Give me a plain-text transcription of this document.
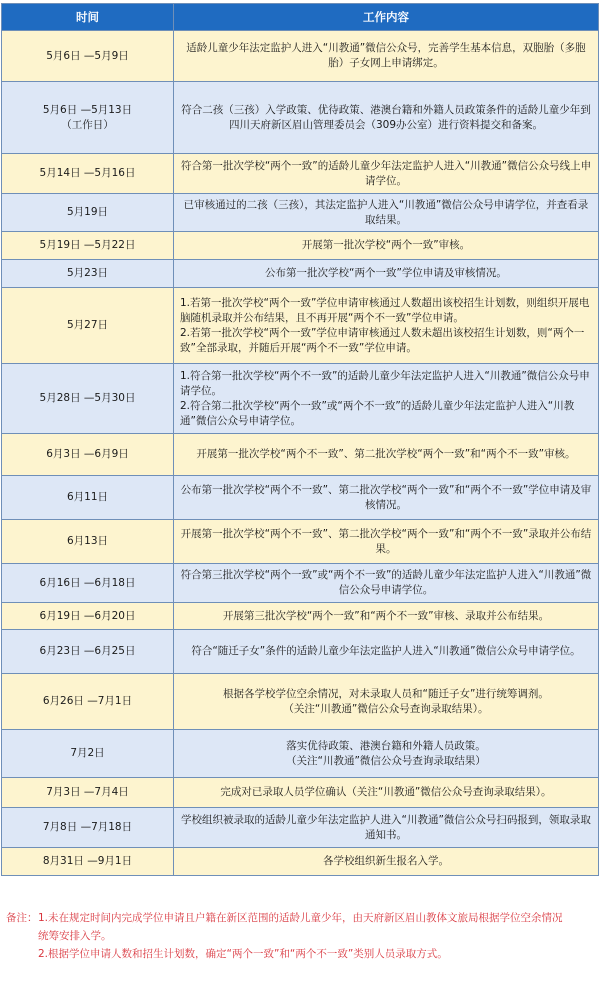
时间	工作内容
5月6日 —5月9日	适龄儿童少年法定监护人进入“川教通”微信公众号，完善学生基本信息，双胞胎（多胞胎）子女网上申请绑定。

5月6日 —5月13日
（工作日）	符合二孩（三孩）入学政策、优待政策、港澳台籍和外籍人员政策条件的适龄儿童少年到四川天府新区眉山管理委员会（309办公室）进行资料提交和备案。
5月14日 —5月16日	符合第一批次学校“两个一致”的适龄儿童少年法定监护人进入“川教通”微信公众号线上申请学位。
5月19日	已审核通过的二孩（三孩），其法定监护人进入“川教通”微信公众号申请学位，并查看录取结果。
5月19日 —5月22日	开展第一批次学校“两个一致”审核。
5月23日	公布第一批次学校“两个一致”学位申请及审核情况。
5月27日	1.若第一批次学校“两个一致”学位申请审核通过人数超出该校招生计划数，则组织开展电脑随机录取并公布结果，且不再开展“两个不一致”学位申请。
2.若第一批次学校“两个一致”学位申请审核通过人数未超出该校招生计划数，则“两个一致”全部录取，并随后开展“两个不一致”学位申请。

5月28日 —5月30日	1.符合第一批次学校“两个不一致”的适龄儿童少年法定监护人进入“川教通”微信公众号申请学位。
2.符合第二批次学校“两个一致”或“两个不一致”的适龄儿童少年法定监护人进入“川教通”微信公众号申请学位。

6月3日 —6月9日	开展第一批次学校“两个不一致”、第二批次学校“两个一致”和“两个不一致”审核。
6月11日	公布第一批次学校“两个不一致”、第二批次学校“两个一致”和“两个不一致”学位申请及审核情况。
6月13日	开展第一批次学校“两个不一致”、第二批次学校“两个一致”和“两个不一致”录取并公布结果。
6月16日 —6月18日	符合第三批次学校“两个一致”或“两个不一致”的适龄儿童少年法定监护人进入“川教通”微信公众号申请学位。
6月19日 —6月20日	开展第三批次学校“两个一致”和“两个不一致”审核、录取并公布结果。
6月23日 —6月25日	符合“随迁子女”条件的适龄儿童少年法定监护人进入“川教通”微信公众号申请学位。
6月26日 —7月1日	根据各学校学位空余情况，对未录取人员和“随迁子女”进行统筹调剂。
（关注“川教通”微信公众号查询录取结果）。

7月2日	落实优待政策、港澳台籍和外籍人员政策。
（关注“川教通”微信公众号查询录取结果）

7月3日 —7月4日	完成对已录取人员学位确认（关注“川教通”微信公众号查询录取结果）。
7月8日 —7月18日	学校组织被录取的适龄儿童少年法定监护人进入“川教通”微信公众号扫码报到，领取录取通知书。
8月31日 —9月1日	各学校组织新生报名入学。
备注： 1.未在规定时间内完成学位申请且户籍在新区范围的适龄儿童少年，由天府新区眉山教体文旅局根据学位空余情况统筹安排入学。
2.根据学位申请人数和招生计划数，确定“两个一致”和“两个不一致”类别人员录取方式。
